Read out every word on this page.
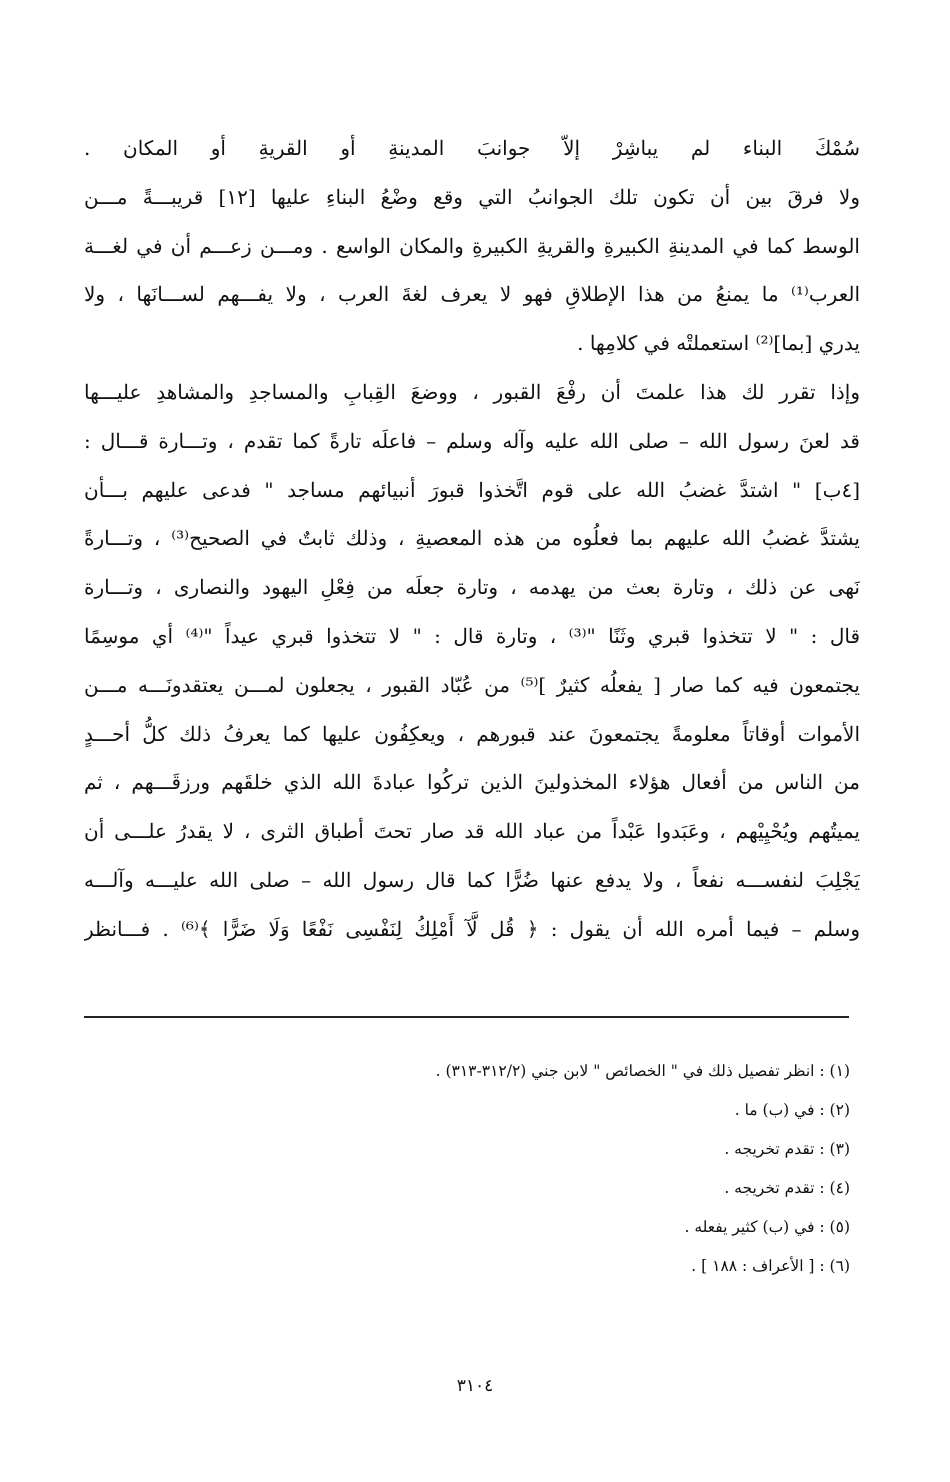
سُمْكَ البناء لم يباشِرْ إلاّ جوانبَ المدينةِ أو القريةِ أو المكان .
ولا فرقَ بين أن تكون تلك الجوانبُ التي وقع وضْعُ البناءِ عليها [١٢] قريبـــةً مـــن
الوسط كما في المدينةِ الكبيرةِ والقريةِ الكبيرةِ والمكان الواسع . ومـــن زعـــم أن في لغـــة
العرب⁽¹⁾ ما يمنعُ من هذا الإطلاقِ فهو لا يعرف لغةَ العرب ، ولا يفـــهم لســـانَها ، ولا
يدري [بما]⁽²⁾ استعملتْه في كلامِها .
وإذا تقرر لك هذا علمتَ أن رفْعَ القبور ، ووضعَ القِبابِ والمساجدِ والمشاهدِ عليـــها
قد لعنَ رسول الله – صلى الله عليه وآله وسلم – فاعلَه تارةً كما تقدم ، وتـــارة قـــال :
[٤ب] " اشتدَّ غضبُ الله على قوم اتَّخذوا قبورَ أنبيائهم مساجد " فدعى عليهم بـــأن
يشتدَّ غضبُ الله عليهم بما فعلُوه من هذه المعصيةِ ، وذلك ثابتٌ في الصحيح⁽³⁾ ، وتـــارةً
نَهى عن ذلك ، وتارة بعث من يهدمه ، وتارة جعلَه من فِعْلِ اليهود والنصارى ، وتـــارة
قال : " لا تتخذوا قبري وثَنًا "⁽³⁾ ، وتارة قال : " لا تتخذوا قبري عيداً "⁽⁴⁾ أي موسِمًا
يجتمعون فيه كما صار [ يفعلُه كثيرٌ ]⁽⁵⁾ من عُبّاد القبور ، يجعلون لمـــن يعتقدونَـــه مـــن
الأموات أوقاتاً معلومةً يجتمعونَ عند قبورهم ، ويعكِفُون عليها كما يعرفُ ذلك كلُّ أحـــدٍ
من الناس من أفعال هؤلاء المخذولينَ الذين تركُوا عبادةَ الله الذي خلقَهم ورزقَـــهم ، ثم
يميتُهم ويُحْيِيْهم ، وعَبَدوا عَبْداً من عباد الله قد صار تحتَ أطباق الثرى ، لا يقدرُ علـــى أن
يَجْلِبَ لنفســـه نفعاً ، ولا يدفع عنها ضُرًّا كما قال رسول الله – صلى الله عليـــه وآلـــه
وسلم – فيما أمره الله أن يقول : ﴿ قُل لَّآ أَمْلِكُ لِنَفْسِى نَفْعًا وَلَا ضَرًّا ﴾⁽⁶⁾ . فـــانظر
(١) : انظر تفصيل ذلك في " الخصائص " لابن جني (٣١٢/٢-٣١٣) .
(٢) : في (ب) ما .
(٣) : تقدم تخريجه .
(٤) : تقدم تخريجه .
(٥) : في (ب) كثير يفعله .
(٦) : [ الأعراف : ١٨٨ ] .
٣١٠٤
